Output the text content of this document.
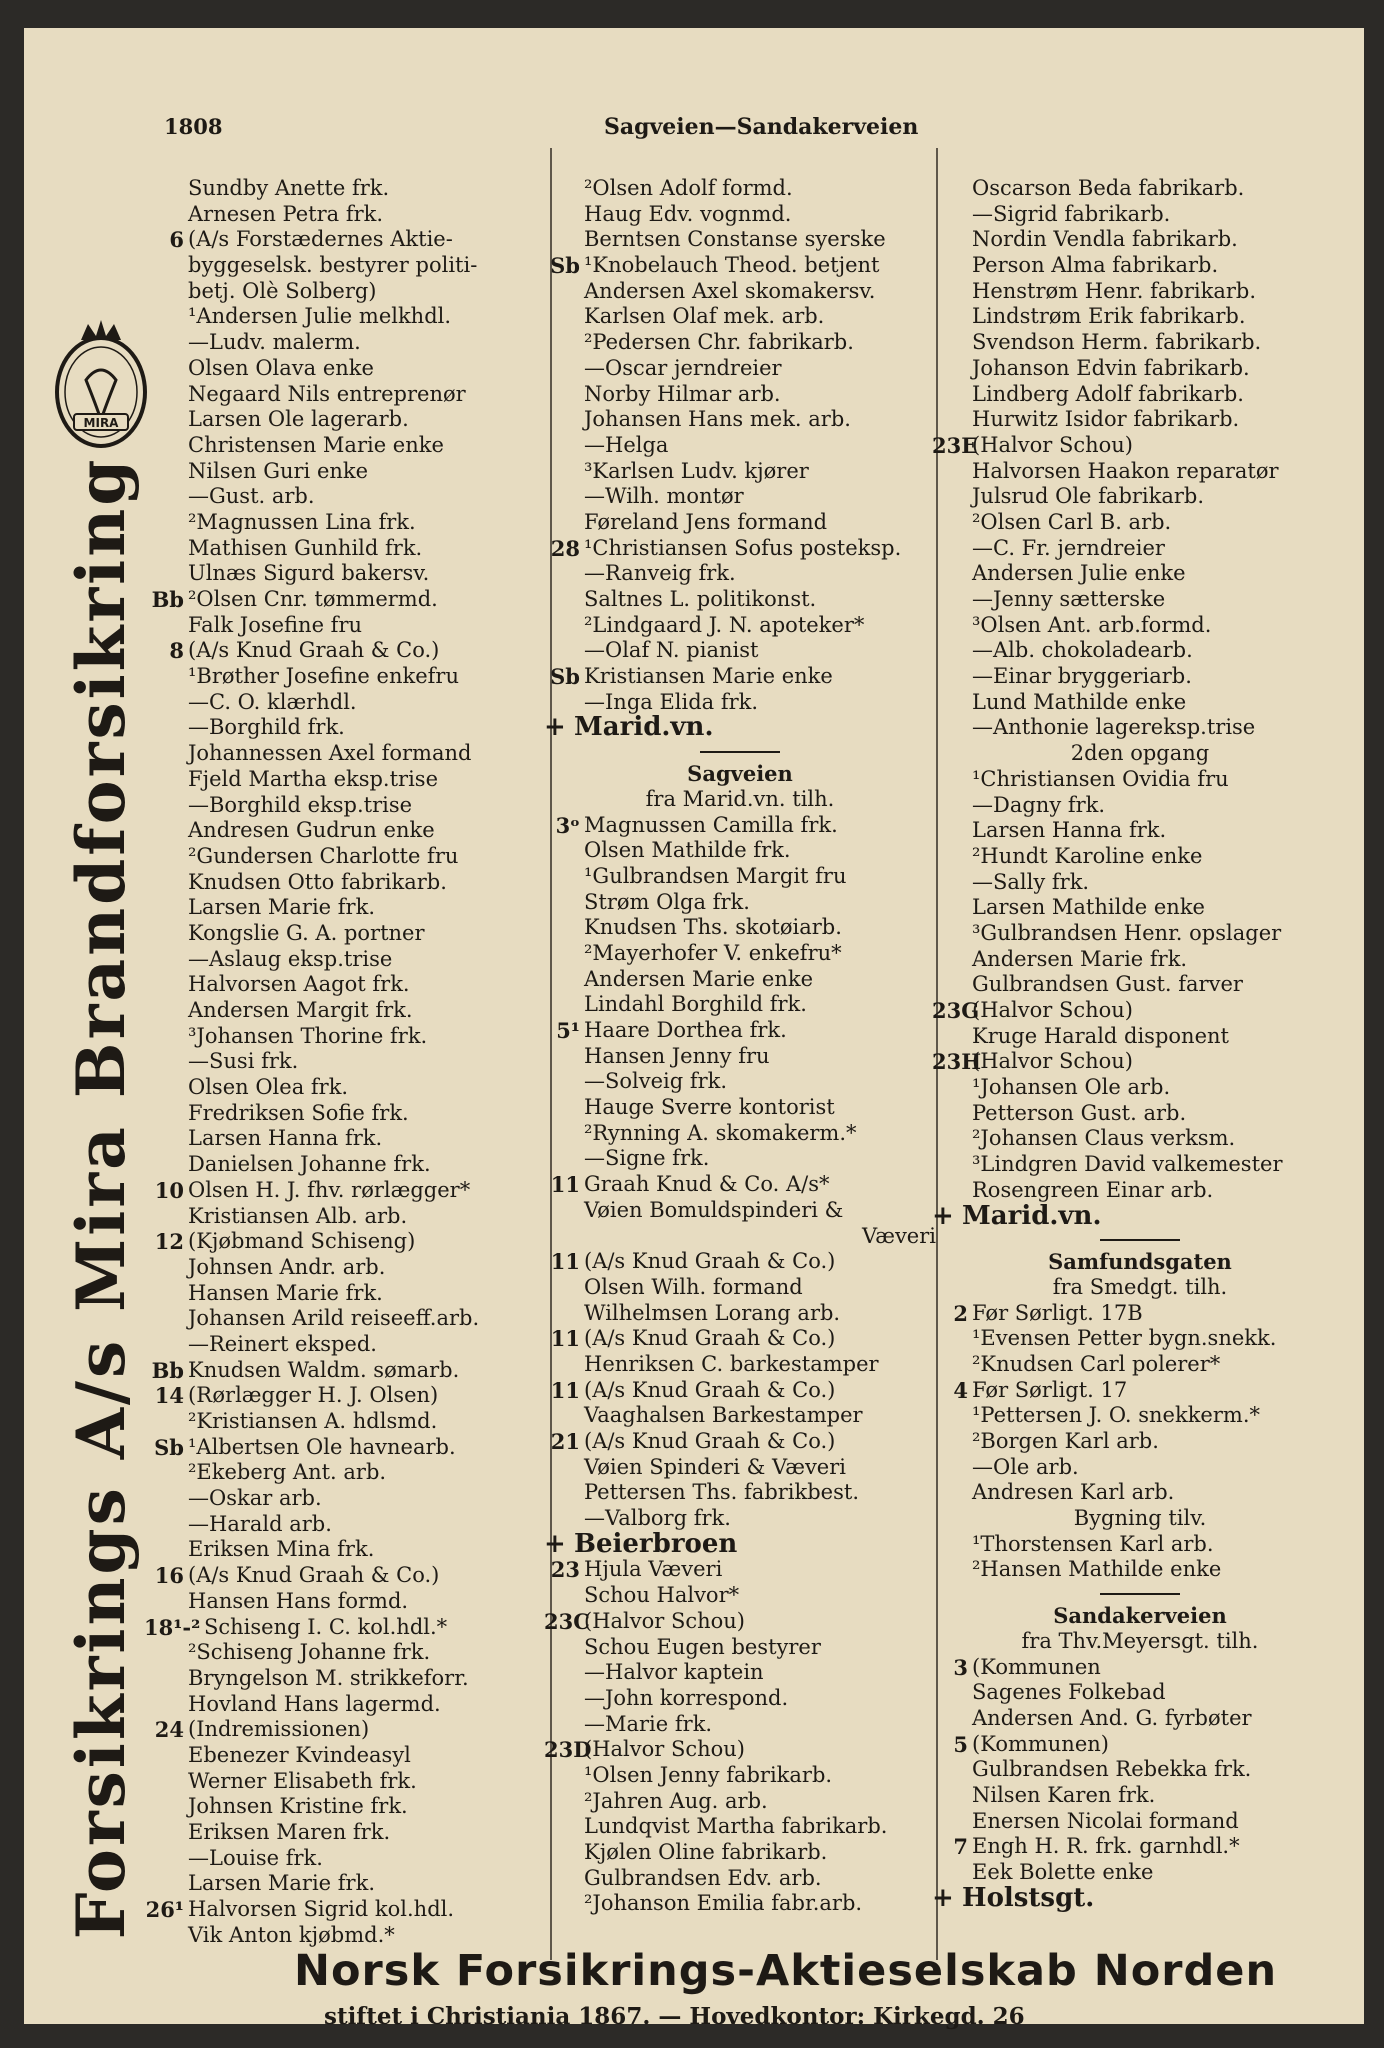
1808	Sagveien—Sandakerveien
MIRA
Forsikrings A/s Mira Brandforsikring
Sundby Anette frk.
Arnesen Petra frk.
6 (A/s Forstædernes Aktie-
byggeselsk. bestyrer politi-
betj. Olè Solberg)
¹Andersen Julie melkhdl.
—Ludv. malerm.
Olsen Olava enke
Negaard Nils entreprenør
Larsen Ole lagerarb.
Christensen Marie enke
Nilsen Guri enke
—Gust. arb.
²Magnussen Lina frk.
Mathisen Gunhild frk.
Ulnæs Sigurd bakersv.
Bb ²Olsen Cnr. tømmermd.
Falk Josefine fru
8 (A/s Knud Graah & Co.)
¹Brøther Josefine enkefru
—C. O. klærhdl.
—Borghild frk.
Johannessen Axel formand
Fjeld Martha eksp.trise
—Borghild eksp.trise
Andresen Gudrun enke
²Gundersen Charlotte fru
Knudsen Otto fabrikarb.
Larsen Marie frk.
Kongslie G. A. portner
—Aslaug eksp.trise
Halvorsen Aagot frk.
Andersen Margit frk.
³Johansen Thorine frk.
—Susi frk.
Olsen Olea frk.
Fredriksen Sofie frk.
Larsen Hanna frk.
Danielsen Johanne frk.
10 Olsen H. J. fhv. rørlægger*
Kristiansen Alb. arb.
12 (Kjøbmand Schiseng)
Johnsen Andr. arb.
Hansen Marie frk.
Johansen Arild reiseeff.arb.
—Reinert eksped.
Bb Knudsen Waldm. sømarb.
14 (Rørlægger H. J. Olsen)
²Kristiansen A. hdlsmd.
Sb ¹Albertsen Ole havnearb.
²Ekeberg Ant. arb.
—Oskar arb.
—Harald arb.
Eriksen Mina frk.
16 (A/s Knud Graah & Co.)
Hansen Hans formd.
18¹-² Schiseng I. C. kol.hdl.*
²Schiseng Johanne frk.
Bryngelson M. strikkeforr.
Hovland Hans lagermd.
24 (Indremissionen)
Ebenezer Kvindeasyl
Werner Elisabeth frk.
Johnsen Kristine frk.
Eriksen Maren frk.
—Louise frk.
Larsen Marie frk.
26¹ Halvorsen Sigrid kol.hdl.
Vik Anton kjøbmd.*
²Olsen Adolf formd.
Haug Edv. vognmd.
Berntsen Constanse syerske
Sb ¹Knobelauch Theod. betjent
Andersen Axel skomakersv.
Karlsen Olaf mek. arb.
²Pedersen Chr. fabrikarb.
—Oscar jerndreier
Norby Hilmar arb.
Johansen Hans mek. arb.
—Helga
³Karlsen Ludv. kjører
—Wilh. montør
Føreland Jens formand
28 ¹Christiansen Sofus posteksp.
—Ranveig frk.
Saltnes L. politikonst.
²Lindgaard J. N. apoteker*
—Olaf N. pianist
Sb Kristiansen Marie enke
—Inga Elida frk.
+ Marid.vn.
Sagveien
fra Marid.vn. tilh.
3ᵒ Magnussen Camilla frk.
Olsen Mathilde frk.
¹Gulbrandsen Margit fru
Strøm Olga frk.
Knudsen Ths. skotøiarb.
²Mayerhofer V. enkefru*
Andersen Marie enke
Lindahl Borghild frk.
5¹ Haare Dorthea frk.
Hansen Jenny fru
—Solveig frk.
Hauge Sverre kontorist
²Rynning A. skomakerm.*
—Signe frk.
11 Graah Knud & Co. A/s*
Vøien Bomuldspinderi &
Væveri
11 (A/s Knud Graah & Co.)
Olsen Wilh. formand
Wilhelmsen Lorang arb.
11 (A/s Knud Graah & Co.)
Henriksen C. barkestamper
11 (A/s Knud Graah & Co.)
Vaaghalsen Barkestamper
21 (A/s Knud Graah & Co.)
Vøien Spinderi & Væveri
Pettersen Ths. fabrikbest.
—Valborg frk.
+ Beierbroen
23 Hjula Væveri
Schou Halvor*
23C
(Halvor Schou)
Schou Eugen bestyrer
—Halvor kaptein
—John korrespond.
—Marie frk.
23D
(Halvor Schou)
¹Olsen Jenny fabrikarb.
²Jahren Aug. arb.
Lundqvist Martha fabrikarb.
Kjølen Oline fabrikarb.
Gulbrandsen Edv. arb.
²Johanson Emilia fabr.arb.
Oscarson Beda fabrikarb.
—Sigrid fabrikarb.
Nordin Vendla fabrikarb.
Person Alma fabrikarb.
Henstrøm Henr. fabrikarb.
Lindstrøm Erik fabrikarb.
Svendson Herm. fabrikarb.
Johanson Edvin fabrikarb.
Lindberg Adolf fabrikarb.
Hurwitz Isidor fabrikarb.
23E
(Halvor Schou)
Halvorsen Haakon reparatør
Julsrud Ole fabrikarb.
²Olsen Carl B. arb.
—C. Fr. jerndreier
Andersen Julie enke
—Jenny sætterske
³Olsen Ant. arb.formd.
—Alb. chokoladearb.
—Einar bryggeriarb.
Lund Mathilde enke
—Anthonie lagereksp.trise
2den opgang
¹Christiansen Ovidia fru
—Dagny frk.
Larsen Hanna frk.
²Hundt Karoline enke
—Sally frk.
Larsen Mathilde enke
³Gulbrandsen Henr. opslager
Andersen Marie frk.
Gulbrandsen Gust. farver
23G
(Halvor Schou)
Kruge Harald disponent
23H
(Halvor Schou)
¹Johansen Ole arb.
Petterson Gust. arb.
²Johansen Claus verksm.
³Lindgren David valkemester
Rosengreen Einar arb.
+ Marid.vn.
Samfundsgaten
fra Smedgt. tilh.
2 Før Sørligt. 17B
¹Evensen Petter bygn.snekk.
²Knudsen Carl polerer*
4 Før Sørligt. 17
¹Pettersen J. O. snekkerm.*
²Borgen Karl arb.
—Ole arb.
Andresen Karl arb.
Bygning tilv.
¹Thorstensen Karl arb.
²Hansen Mathilde enke
Sandakerveien
fra Thv.Meyersgt. tilh.
3 (Kommunen
Sagenes Folkebad
Andersen And. G. fyrbøter
5 (Kommunen)
Gulbrandsen Rebekka frk.
Nilsen Karen frk.
Enersen Nicolai formand
7 Engh H. R. frk. garnhdl.*
Eek Bolette enke
+ Holstsgt.
Norsk Forsikrings-Aktieselskab Norden
stiftet i Christiania 1867. — Hovedkontor: Kirkegd. 26
